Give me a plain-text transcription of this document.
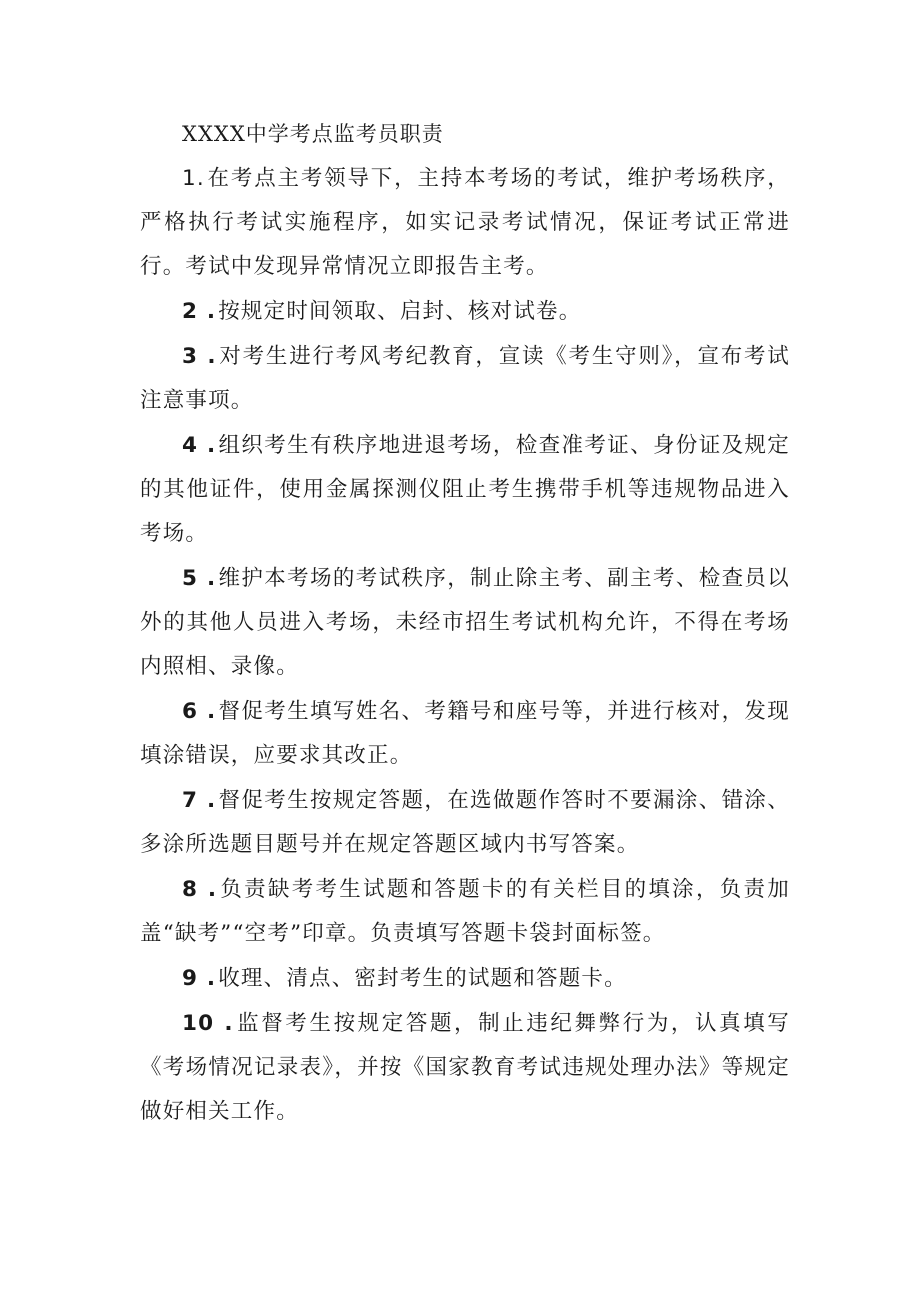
XXXX中学考点监考员职责

1.在考点主考领导下，主持本考场的考试，维护考场秩序，严格执行考试实施程序，如实记录考试情况，保证考试正常进行。考试中发现异常情况立即报告主考。

2 .按规定时间领取、启封、核对试卷。

3 .对考生进行考风考纪教育，宣读《考生守则》，宣布考试注意事项。

4 .组织考生有秩序地进退考场，检查准考证、身份证及规定的其他证件，使用金属探测仪阻止考生携带手机等违规物品进入考场。

5 .维护本考场的考试秩序，制止除主考、副主考、检查员以外的其他人员进入考场，未经市招生考试机构允许，不得在考场内照相、录像。

6 .督促考生填写姓名、考籍号和座号等，并进行核对，发现填涂错误，应要求其改正。

7 .督促考生按规定答题，在选做题作答时不要漏涂、错涂、多涂所选题目题号并在规定答题区域内书写答案。

8 .负责缺考考生试题和答题卡的有关栏目的填涂，负责加盖“缺考”“空考”印章。负责填写答题卡袋封面标签。

9 .收理、清点、密封考生的试题和答题卡。

10 .监督考生按规定答题，制止违纪舞弊行为，认真填写《考场情况记录表》，并按《国家教育考试违规处理办法》等规定做好相关工作。
